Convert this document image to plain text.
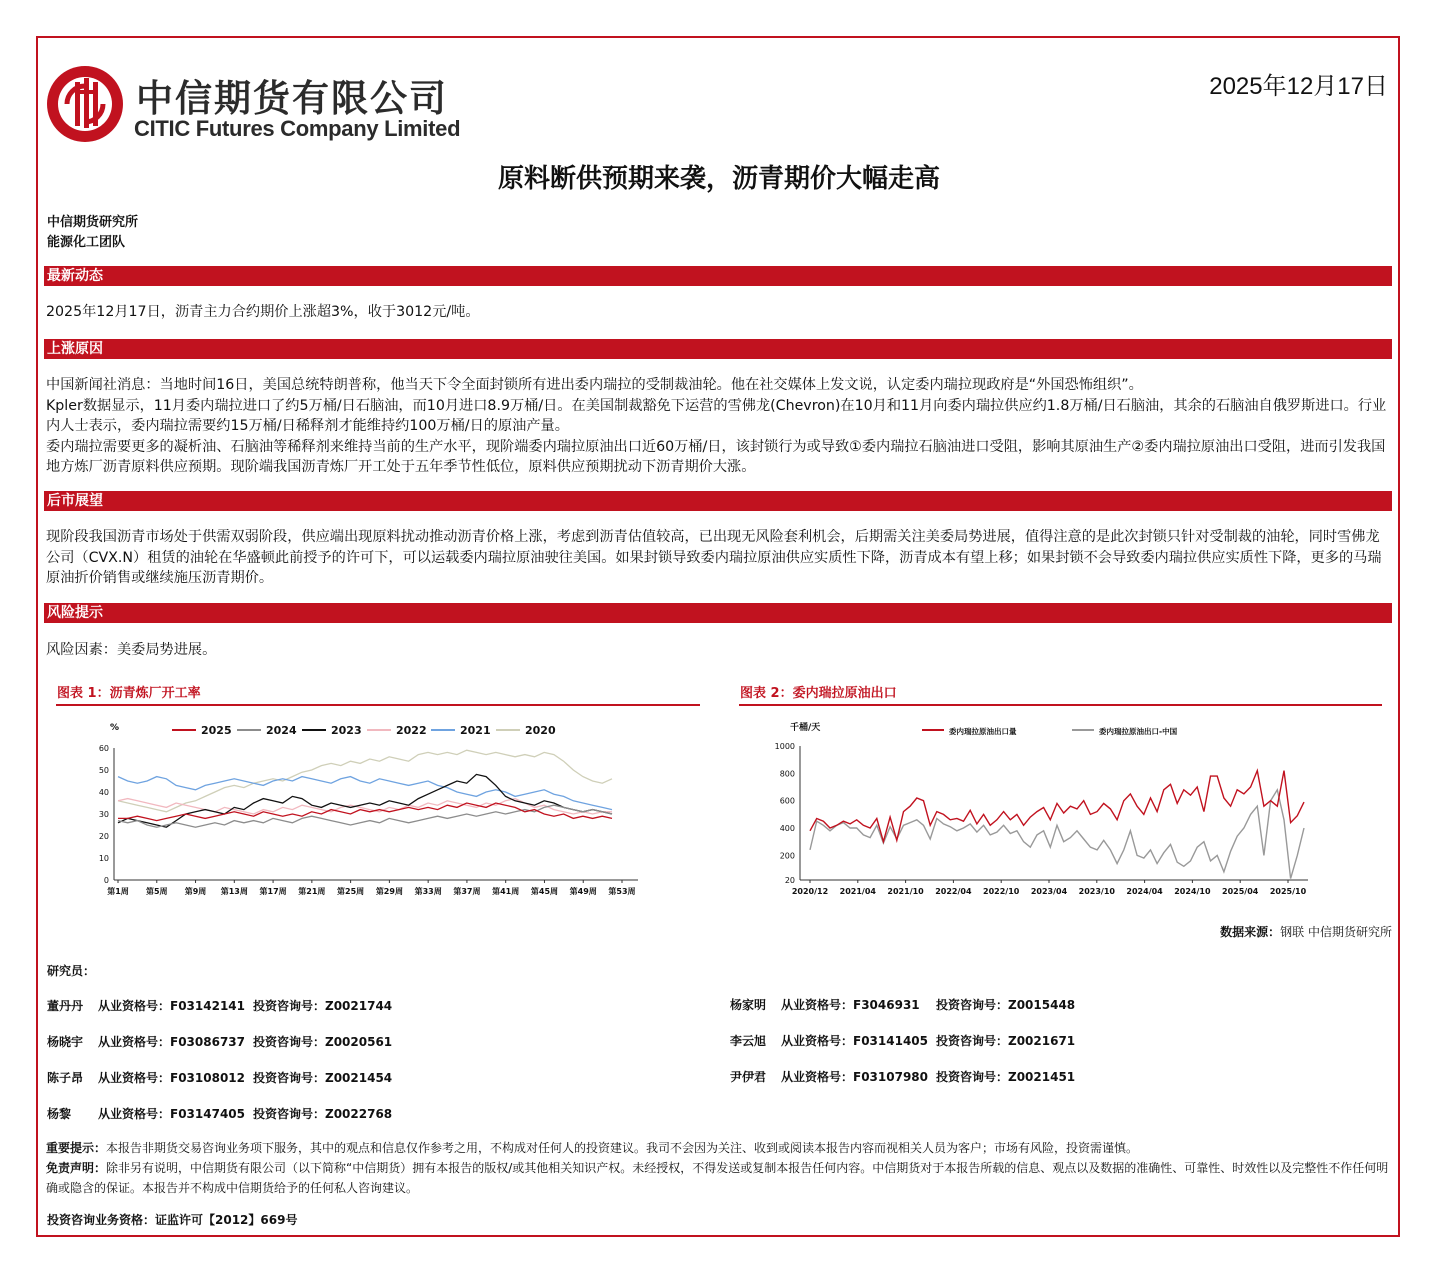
中信期货有限公司
CITIC Futures Company Limited
2025年12月17日
原料断供预期来袭，沥青期价大幅走高
中信期货研究所
能源化工团队
最新动态
2025年12月17日，沥青主力合约期价上涨超3%，收于3012元/吨。
上涨原因
中国新闻社消息：当地时间16日，美国总统特朗普称，他当天下令全面封锁所有进出委内瑞拉的受制裁油轮。他在社交媒体上发文说，认定委内瑞拉现政府是“外国恐怖组织”。
Kpler数据显示，11月委内瑞拉进口了约5万桶/日石脑油，而10月进口8.9万桶/日。在美国制裁豁免下运营的雪佛龙(Chevron)在10月和11月向委内瑞拉供应约1.8万桶/日石脑油，其余的石脑油自俄罗斯进口。行业内人士表示，委内瑞拉需要约15万桶/日稀释剂才能维持约100万桶/日的原油产量。
委内瑞拉需要更多的凝析油、石脑油等稀释剂来维持当前的生产水平，现阶端委内瑞拉原油出口近60万桶/日，该封锁行为或导致①委内瑞拉石脑油进口受阻，影响其原油生产②委内瑞拉原油出口受阻，进而引发我国地方炼厂沥青原料供应预期。现阶端我国沥青炼厂开工处于五年季节性低位，原料供应预期扰动下沥青期价大涨。
后市展望
现阶段我国沥青市场处于供需双弱阶段，供应端出现原料扰动推动沥青价格上涨，考虑到沥青估值较高，已出现无风险套利机会，后期需关注美委局势进展，值得注意的是此次封锁只针对受制裁的油轮，同时雪佛龙公司（CVX.N）租赁的油轮在华盛顿此前授予的许可下，可以运载委内瑞拉原油驶往美国。如果封锁导致委内瑞拉原油供应实质性下降，沥青成本有望上移；如果封锁不会导致委内瑞拉供应实质性下降，更多的马瑞原油折价销售或继续施压沥青期价。
风险提示
风险因素：美委局势进展。
图表 1：沥青炼厂开工率	图表 2：委内瑞拉原油出口
%
0
10
20
30
40
50
60
第1周 第5周 第9周 第13周 第17周 第21周 第25周 第29周 第33周 第37周 第41周 第45周 第49周 第53周
2025	2024	2023	2022	2021	2020	千桶/天
1000
800
600
400
200
20
2020/12 2021/04 2021/10 2022/04 2022/10 2023/04 2023/10 2024/04 2024/10 2025/04 2025/10
委内瑞拉原油出口量	委内瑞拉原油出口-中国
数据来源：钢联 中信期货研究所
研究员：
董丹丹 从业资格号：F03142141 投资咨询号：Z0021744
杨晓宇 从业资格号：F03086737 投资咨询号：Z0020561
陈子昂 从业资格号：F03108012 投资咨询号：Z0021454
杨黎 从业资格号：F03147405 投资咨询号：Z0022768
杨家明 从业资格号：F3046931 投资咨询号：Z0015448
李云旭 从业资格号：F03141405 投资咨询号：Z0021671
尹伊君 从业资格号：F03107980 投资咨询号：Z0021451
重要提示：本报告非期货交易咨询业务项下服务，其中的观点和信息仅作参考之用，不构成对任何人的投资建议。我司不会因为关注、收到或阅读本报告内容而视相关人员为客户；市场有风险，投资需谨慎。
免责声明：除非另有说明，中信期货有限公司（以下简称“中信期货）拥有本报告的版权/或其他相关知识产权。未经授权，不得发送或复制本报告任何内容。中信期货对于本报告所载的信息、观点以及数据的准确性、可靠性、时效性以及完整性不作任何明确或隐含的保证。本报告并不构成中信期货给予的任何私人咨询建议。
投资咨询业务资格：证监许可【2012】669号
